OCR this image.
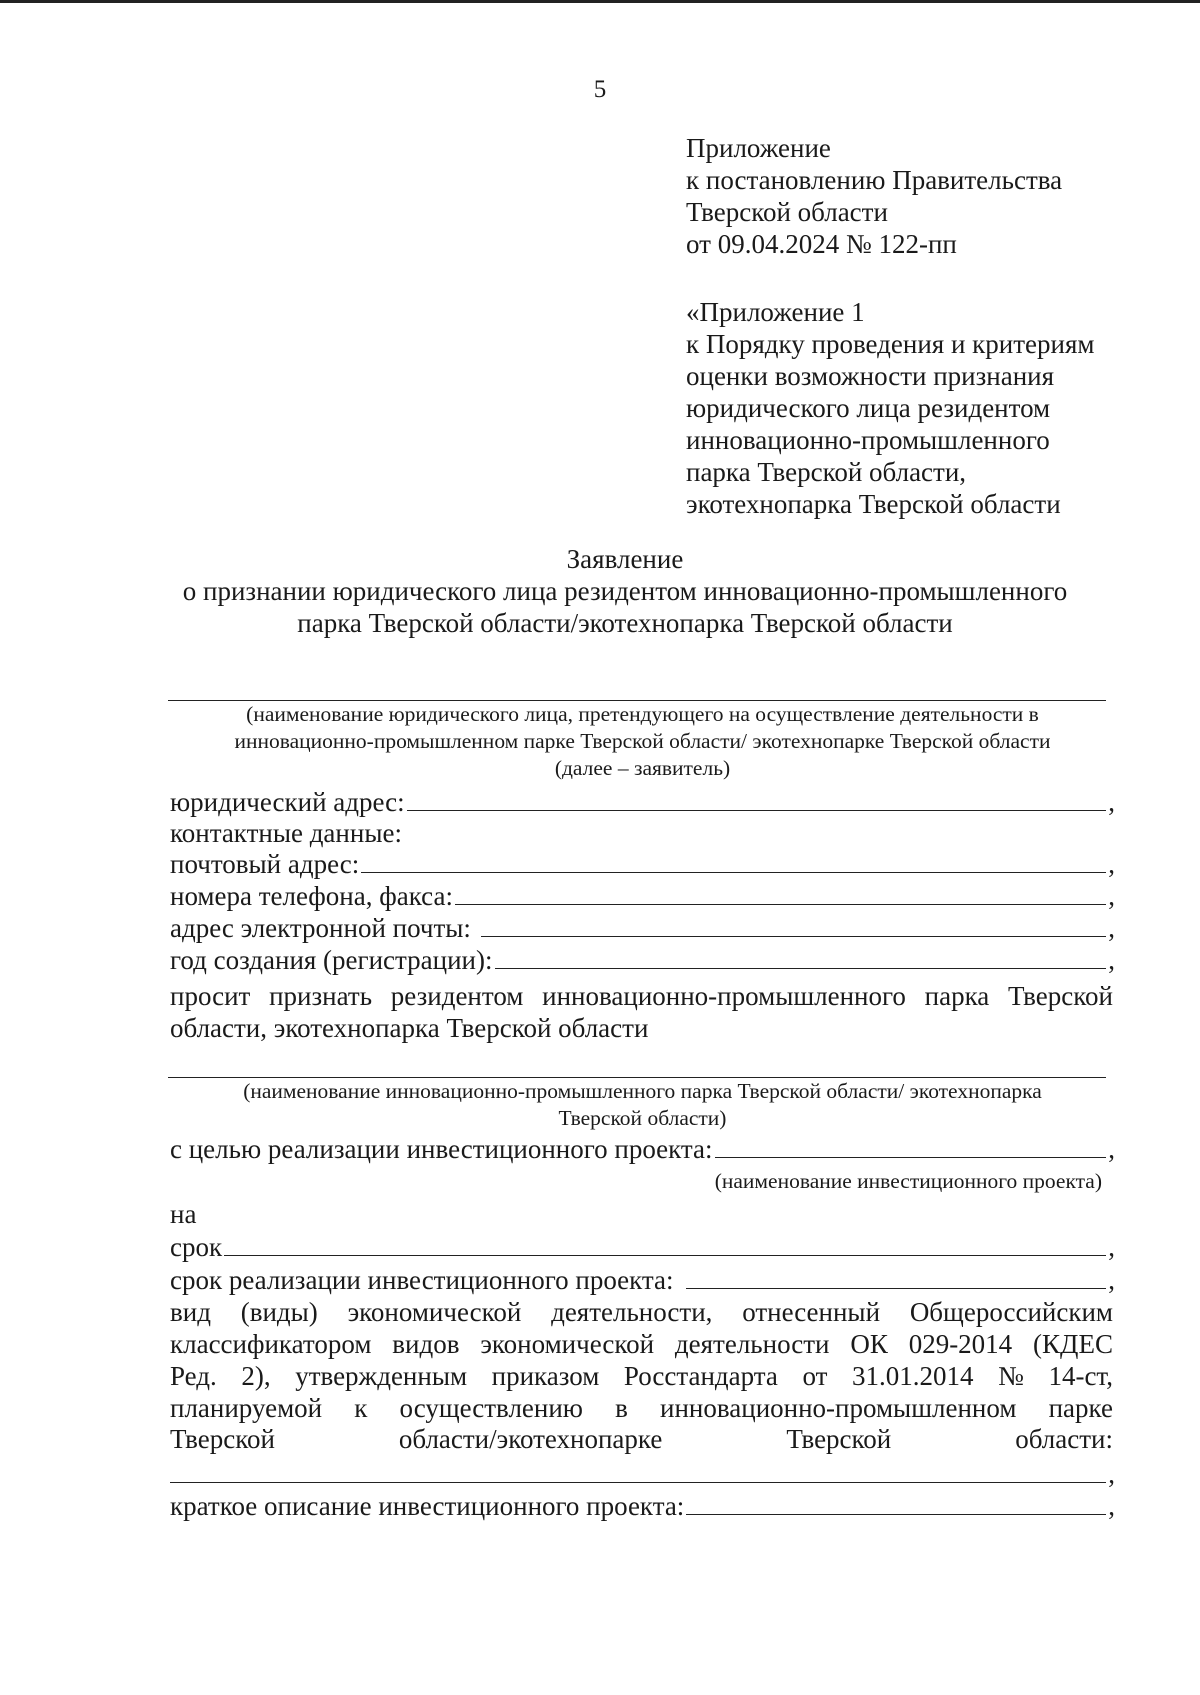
5
Приложение
к постановлению Правительства
Тверской области
от 09.04.2024 № 122-пп
«Приложение 1
к Порядку проведения и критериям
оценки возможности признания
юридического лица резидентом
инновационно-промышленного
парка Тверской области,
экотехнопарка Тверской области
Заявление
о признании юридического лица резидентом инновационно-промышленного
парка Тверской области/экотехнопарка Тверской области
(наименование юридического лица, претендующего на осуществление деятельности в
инновационно-промышленном парке Тверской области/ экотехнопарке Тверской области
(далее – заявитель)
юридический адрес:	,
контактные данные:
почтовый адрес:	,
номера телефона, факса:	,
адрес электронной почты:	,
год создания (регистрации):	,
просит признать резидентом инновационно-промышленного парка Тверской
области, экотехнопарка Тверской области
(наименование инновационно-промышленного парка Тверской области/ экотехнопарка
Тверской области)
с целью реализации инвестиционного проекта:	,
(наименование инвестиционного проекта)
на
срок	,
срок реализации инвестиционного проекта:	,
вид (виды) экономической деятельности, отнесенный Общероссийским
классификатором видов экономической деятельности ОК 029-2014 (КДЕС
Ред. 2), утвержденным приказом Росстандарта от 31.01.2014 № 14-ст,
планируемой к осуществлению в инновационно-промышленном парке
Тверской	области/экотехнопарке	Тверской	области:
,
краткое описание инвестиционного проекта:	,
